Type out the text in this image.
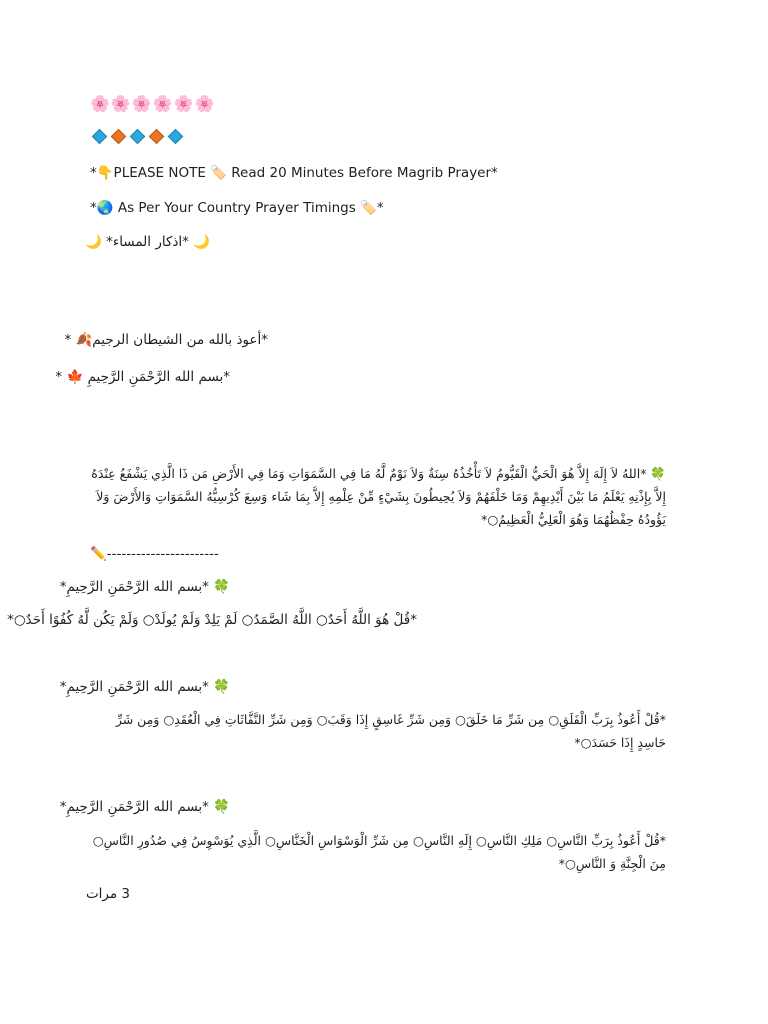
🌸🌸🌸🌸🌸🌸
*👇PLEASE NOTE 🏷️ Read 20 Minutes Before Magrib Prayer*
*🌏 As Per Your Country Prayer Timings 🏷️*
🌙 *اذكار المساء* 🌙
*أعوذ بالله من الشيطان الرجيم🍂 *
*بسم الله الرَّحْمَنِ الرَّحِيمِ 🍁 *
🍀 *اللهُ لاَ إِلَهَ إِلاَّ هُوَ الْحَيُّ الْقَيُّومُ لاَ تَأْخُذُهُ سِنَةٌ وَلاَ نَوْمٌ لَّهُ مَا فِي السَّمَوَاتِ وَمَا فِي الأَرْضِ مَن ذَا الَّذِي يَشْفَعُ عِنْدَهُ إِلاَّ بِإِذْنِهِ يَعْلَمُ مَا بَيْنَ أَيْدِيهِمْ وَمَا خَلْفَهُمْ وَلاَ يُحِيطُونَ بِشَيْءٍ مِّنْ عِلْمِهِ إِلاَّ بِمَا شَاء وَسِعَ كُرْسِيُّهُ السَّمَوَاتِ وَالأَرْضَ وَلاَ يَؤُودُهُ حِفْظُهُمَا وَهُوَ الْعَلِيُّ الْعَظِيمُ○*
✏️-----------------------
🍀 *بسم الله الرَّحْمَنِ الرَّحِيمِ*
*قُلْ هُوَ اللَّهُ أَحَدٌ○ اللَّهُ الصَّمَدُ○ لَمْ يَلِدْ وَلَمْ يُولَدْ○ وَلَمْ يَكُن لَّهُ كُفُوًا أَحَدٌ○*
🍀 *بسم الله الرَّحْمَنِ الرَّحِيمِ*
*قُلْ أَعُوذُ بِرَبِّ الْفَلَقِ○ مِن شَرِّ مَا خَلَقَ○ وَمِن شَرِّ غَاسِقٍ إِذَا وَقَبَ○ وَمِن شَرِّ النَّفَّاثَاتِ فِي الْعُقَدِ○ وَمِن شَرِّ حَاسِدٍ إِذَا حَسَدَ○*
🍀 *بسم الله الرَّحْمَنِ الرَّحِيمِ*
*قُلْ أَعُوذُ بِرَبِّ النَّاسِ○ مَلِكِ النَّاسِ○ إِلَهِ النَّاسِ○ مِن شَرِّ الْوَسْوَاسِ الْخَنَّاسِ○ الَّذِي يُوَسْوِسُ فِي صُدُورِ النَّاسِ○ مِنَ الْجِنَّةِ وَ النَّاسِ○*
3 مرات
